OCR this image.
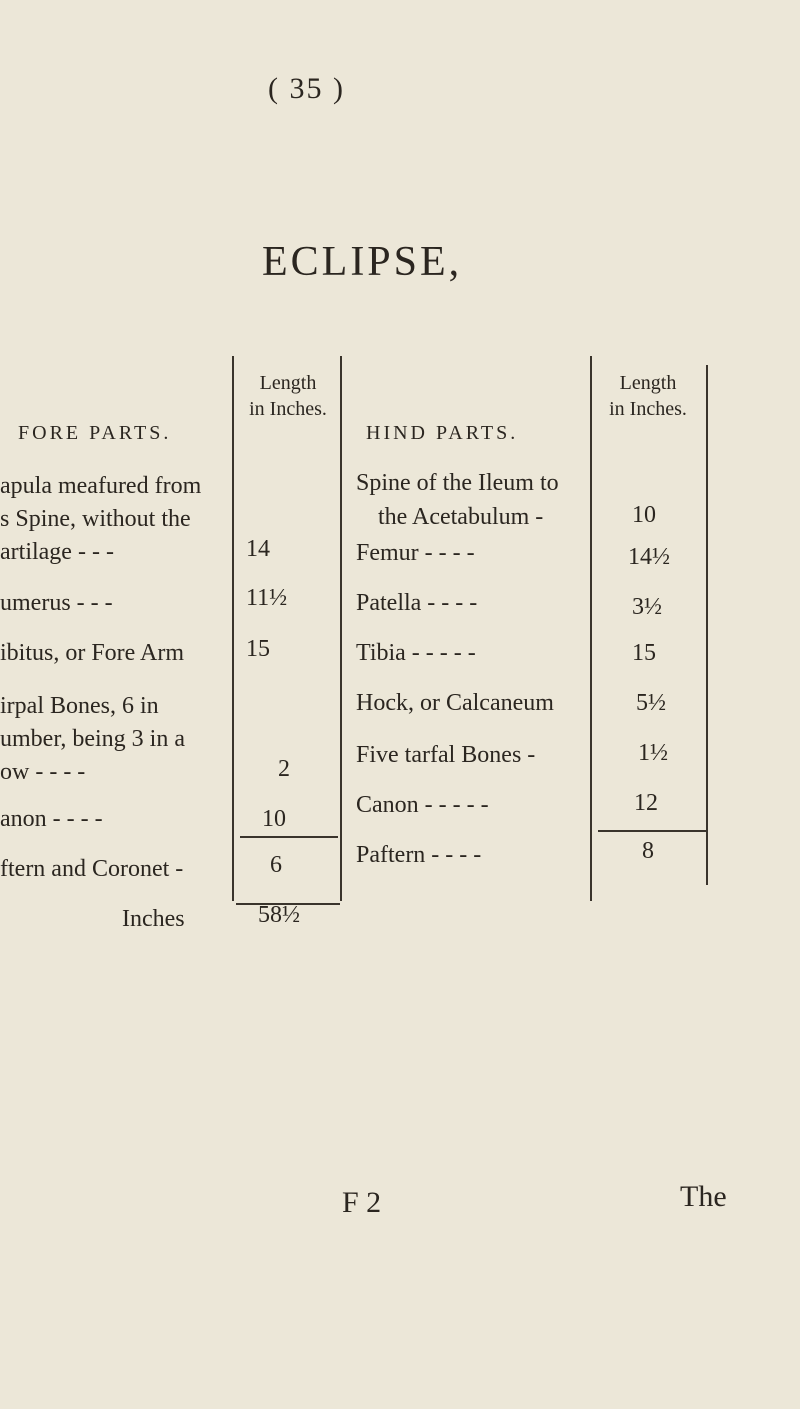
( 35 )
ECLIPSE,
FORE PARTS.
Length
in Inches.
apula meafured from
s Spine, without the
artilage - - -	14
umerus - - -	11½
ibitus, or Fore Arm	15
irpal Bones, 6 in
umber, being 3 in a
ow - - - -	2
anon - - - -	10
ftern and Coronet -	6
Inches	58½
HIND PARTS.
Length
in Inches.
Spine of the Ileum to
the Acetabulum -	10
Femur - - - -	14½
Patella - - - -	3½
Tibia - - - - -	15
Hock, or Calcaneum	5½
Five tarfal Bones -	1½
Canon - - - - -	12
Paftern - - - -	8
F 2	The
